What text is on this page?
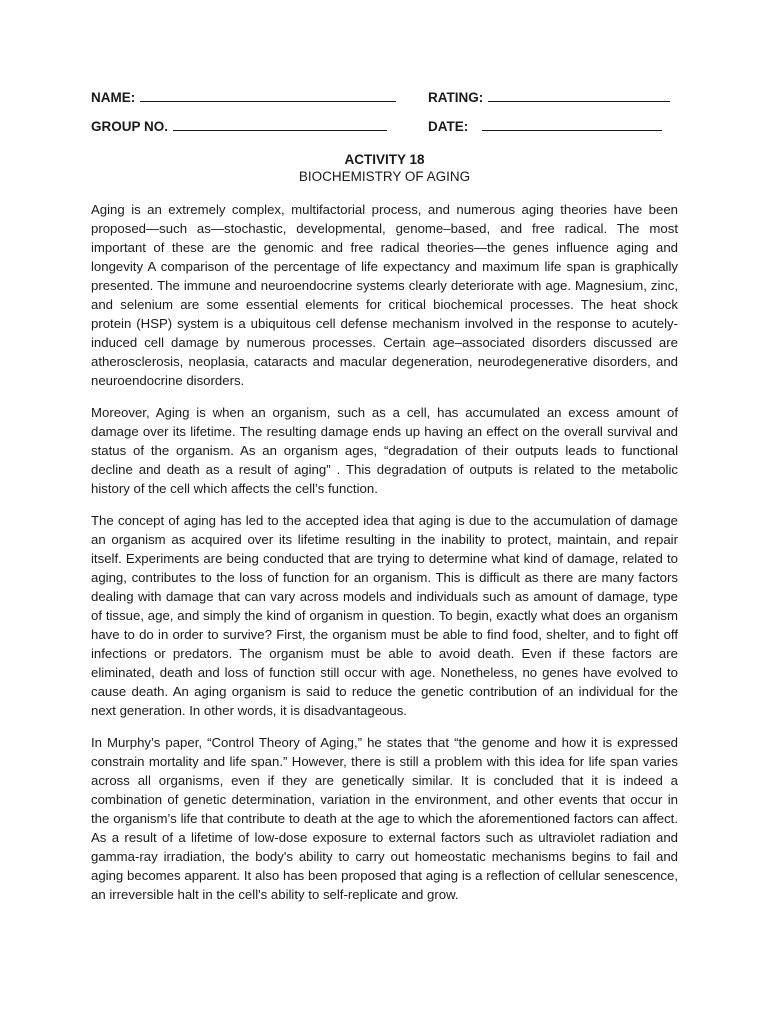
NAME:	RATING:
GROUP NO.	DATE:
ACTIVITY 18
BIOCHEMISTRY OF AGING

Aging is an extremely complex, multifactorial process, and numerous aging theories have been proposed—such as—stochastic, developmental, genome–based, and free radical. The most important of these are the genomic and free radical theories—the genes influence aging and longevity A comparison of the percentage of life expectancy and maximum life span is graphically presented. The immune and neuroendocrine systems clearly deteriorate with age. Magnesium, zinc, and selenium are some essential elements for critical biochemical processes. The heat shock protein (HSP) system is a ubiquitous cell defense mechanism involved in the response to acutely-induced cell damage by numerous processes. Certain age–associated disorders discussed are atherosclerosis, neoplasia, cataracts and macular degeneration, neurodegenerative disorders, and neuroendocrine disorders.

Moreover, Aging is when an organism, such as a cell, has accumulated an excess amount of damage over its lifetime. The resulting damage ends up having an effect on the overall survival and status of the organism. As an organism ages, “degradation of their outputs leads to functional decline and death as a result of aging” . This degradation of outputs is related to the metabolic history of the cell which affects the cell’s function.

The concept of aging has led to the accepted idea that aging is due to the accumulation of damage an organism as acquired over its lifetime resulting in the inability to protect, maintain, and repair itself. Experiments are being conducted that are trying to determine what kind of damage, related to aging, contributes to the loss of function for an organism. This is difficult as there are many factors dealing with damage that can vary across models and individuals such as amount of damage, type of tissue, age, and simply the kind of organism in question. To begin, exactly what does an organism have to do in order to survive? First, the organism must be able to find food, shelter, and to fight off infections or predators. The organism must be able to avoid death. Even if these factors are eliminated, death and loss of function still occur with age. Nonetheless, no genes have evolved to cause death. An aging organism is said to reduce the genetic contribution of an individual for the next generation. In other words, it is disadvantageous.

In Murphy’s paper, “Control Theory of Aging,” he states that “the genome and how it is expressed constrain mortality and life span.” However, there is still a problem with this idea for life span varies across all organisms, even if they are genetically similar. It is concluded that it is indeed a combination of genetic determination, variation in the environment, and other events that occur in the organism’s life that contribute to death at the age to which the aforementioned factors can affect. As a result of a lifetime of low-dose exposure to external factors such as ultraviolet radiation and gamma-ray irradiation, the body's ability to carry out homeostatic mechanisms begins to fail and aging becomes apparent. It also has been proposed that aging is a reflection of cellular senescence, an irreversible halt in the cell's ability to self-replicate and grow.
